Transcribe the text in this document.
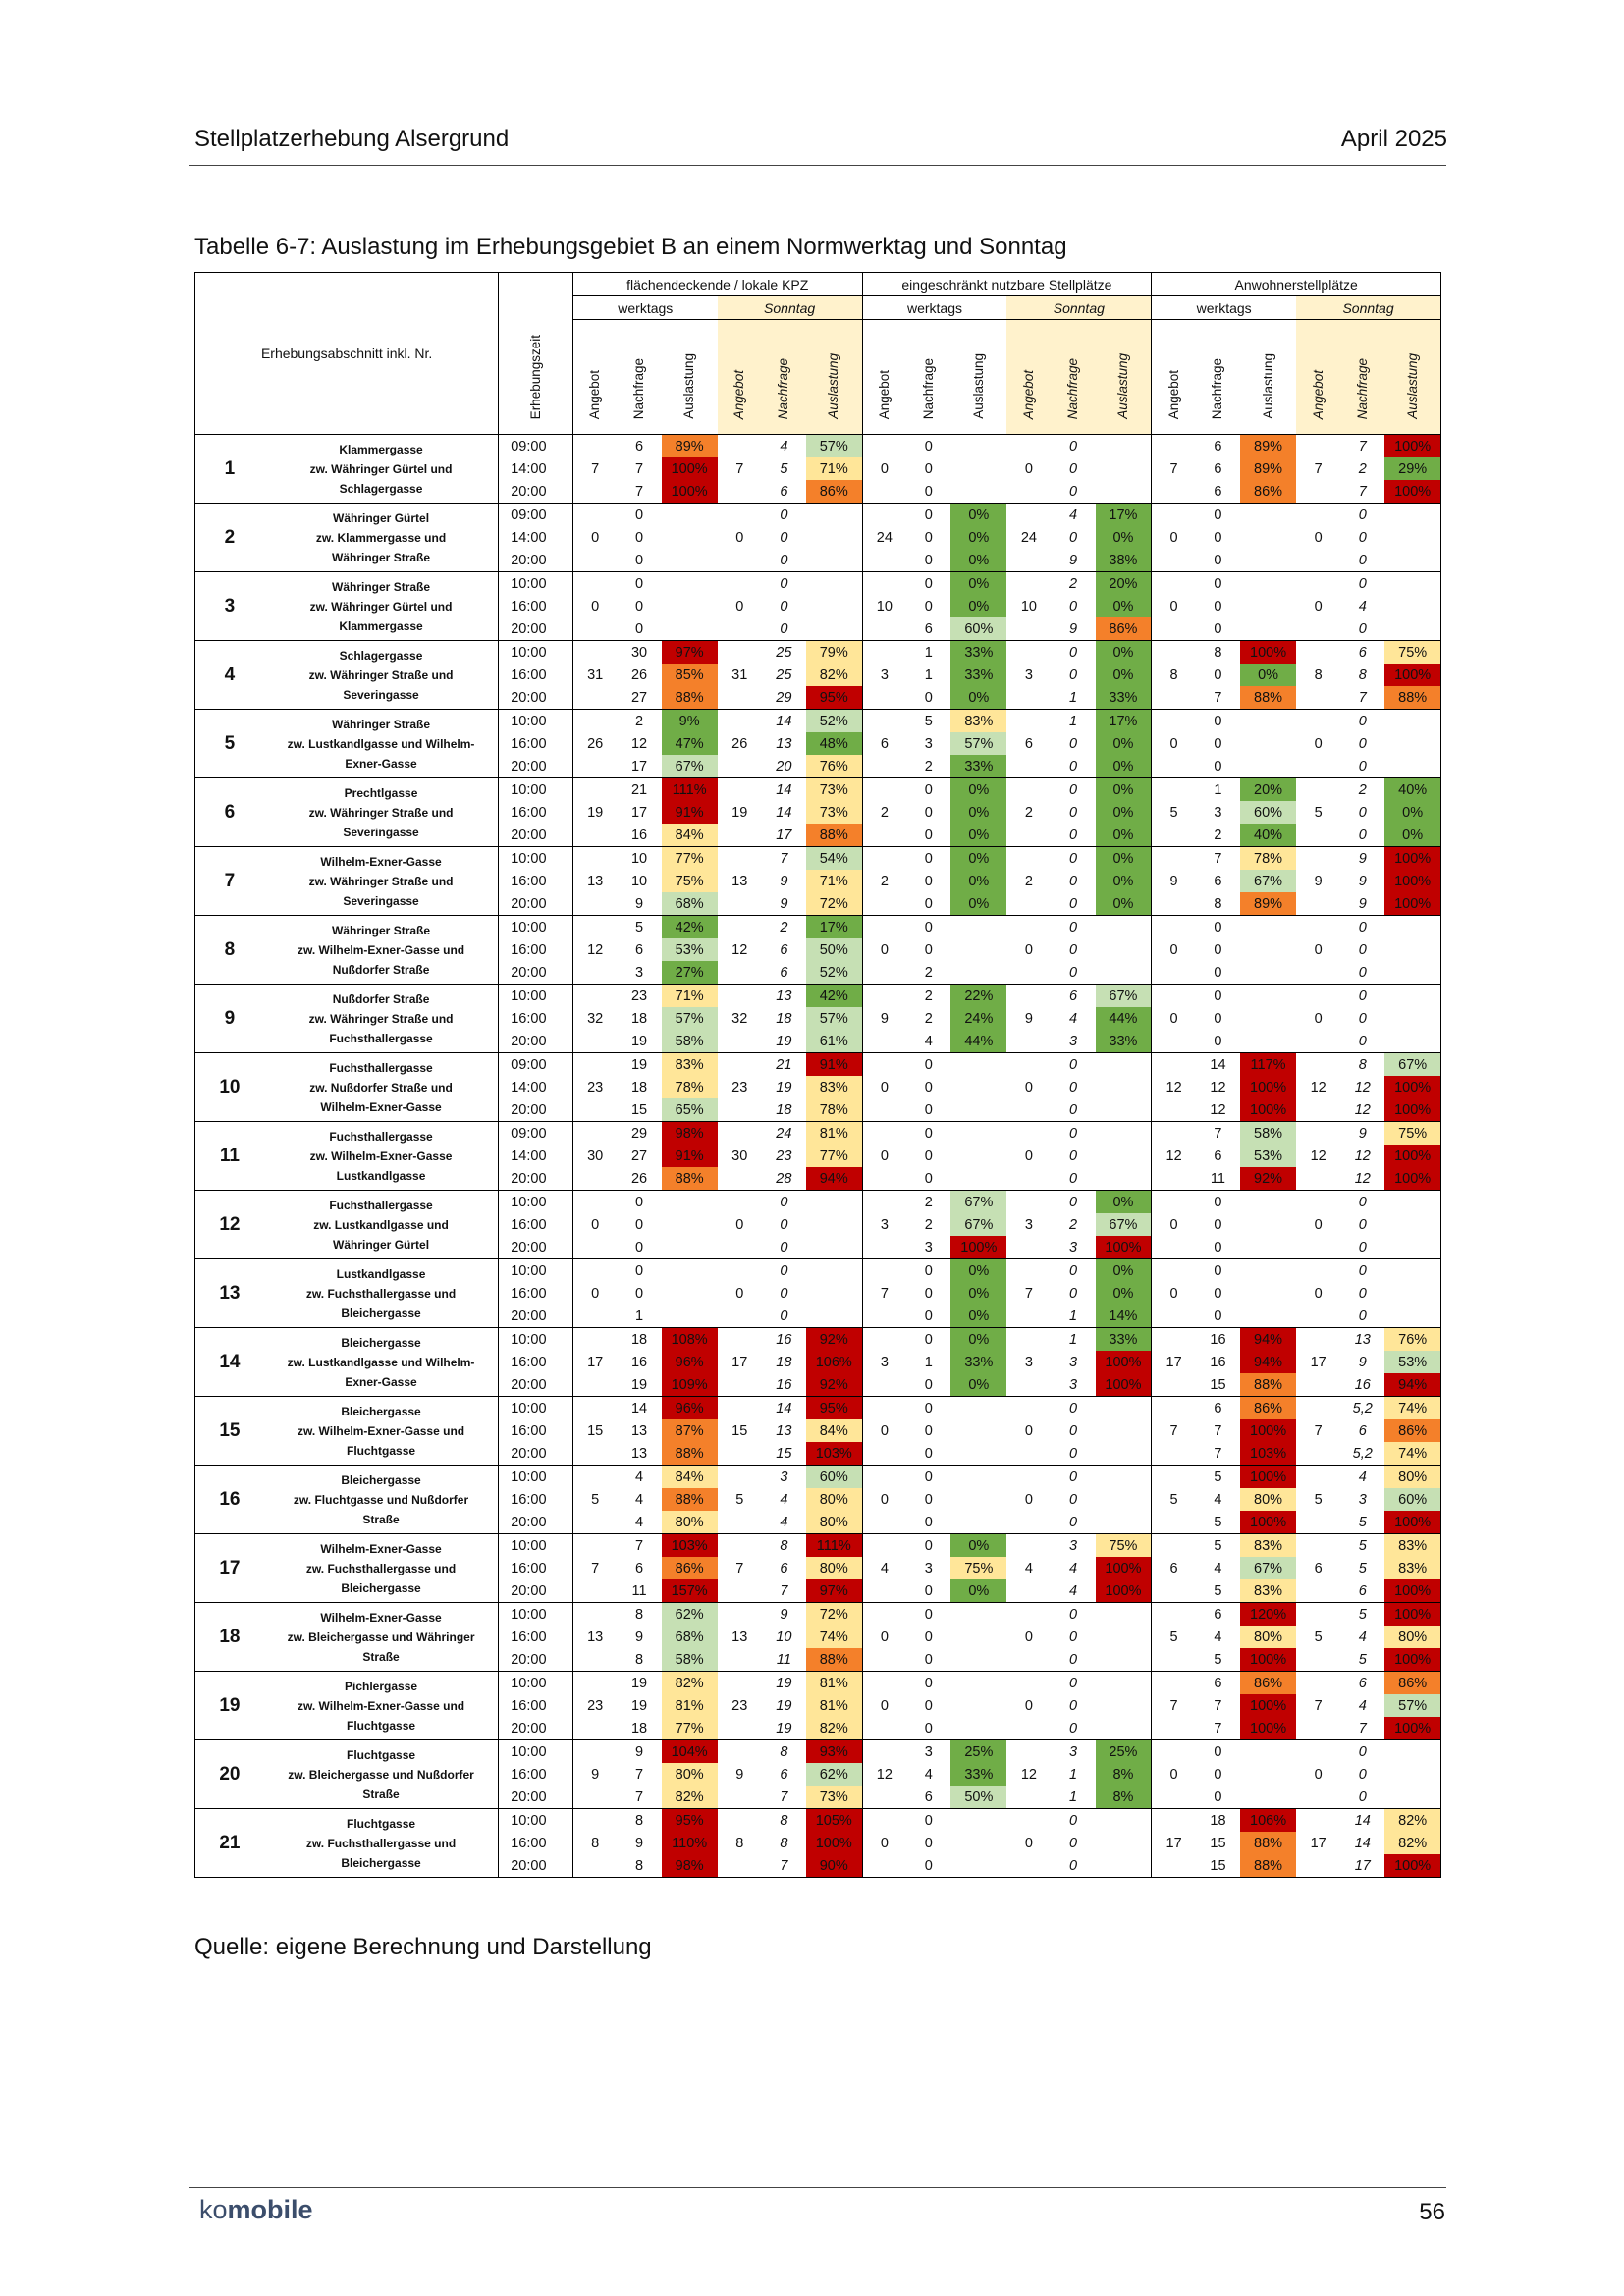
Stellplatzerhebung Alsergrund	April 2025
Tabelle 6-7: Auslastung im Erhebungsgebiet B an einem Normwerktag und Sonntag
Erhebungsabschnitt inkl. Nr.		Erhebungszeit	flächendeckende / lokale KPZ						eingeschränkt nutzbare Stellplätze						Anwohnerstellplätze					
			werktags			Sonntag			werktags			Sonntag			werktags			Sonntag		
			Angebot	Nachfrage	Auslastung	Angebot	Nachfrage	Auslastung	Angebot	Nachfrage	Auslastung	Angebot	Nachfrage	Auslastung	Angebot	Nachfrage	Auslastung	Angebot	Nachfrage	Auslastung
1	Klammergasse
zw. Währinger Gürtel und
Schlagergasse	09:00	7	6	89%	7	4	57%	0	0		0	0		7	6	89%	7	7	100%
		14:00		7	100%		5	71%		0			0			6	89%		2	29%
		20:00		7	100%		6	86%		0			0			6	86%		7	100%
2	Währinger Gürtel
zw. Klammergasse und
Währinger Straße	09:00	0	0		0	0		24	0	0%	24	4	17%	0	0		0	0	
		14:00		0			0			0	0%		0	0%		0			0	
		20:00		0			0			0	0%		9	38%		0			0	
3	Währinger Straße
zw. Währinger Gürtel und
Klammergasse	10:00	0	0		0	0		10	0	0%	10	2	20%	0	0		0	0	
		16:00		0			0			0	0%		0	0%		0			4	
		20:00		0			0			6	60%		9	86%		0			0	
4	Schlagergasse
zw. Währinger Straße und
Severingasse	10:00	31	30	97%	31	25	79%	3	1	33%	3	0	0%	8	8	100%	8	6	75%
		16:00		26	85%		25	82%		1	33%		0	0%		0	0%		8	100%
		20:00		27	88%		29	95%		0	0%		1	33%		7	88%		7	88%
5	Währinger Straße
zw. Lustkandlgasse und Wilhelm-
Exner-Gasse	10:00	26	2	9%	26	14	52%	6	5	83%	6	1	17%	0	0		0	0	
		16:00		12	47%		13	48%		3	57%		0	0%		0			0	
		20:00		17	67%		20	76%		2	33%		0	0%		0			0	
6	Prechtlgasse
zw. Währinger Straße und
Severingasse	10:00	19	21	111%	19	14	73%	2	0	0%	2	0	0%	5	1	20%	5	2	40%
		16:00		17	91%		14	73%		0	0%		0	0%		3	60%		0	0%
		20:00		16	84%		17	88%		0	0%		0	0%		2	40%		0	0%
7	Wilhelm-Exner-Gasse
zw. Währinger Straße und
Severingasse	10:00	13	10	77%	13	7	54%	2	0	0%	2	0	0%	9	7	78%	9	9	100%
		16:00		10	75%		9	71%		0	0%		0	0%		6	67%		9	100%
		20:00		9	68%		9	72%		0	0%		0	0%		8	89%		9	100%
8	Währinger Straße
zw. Wilhelm-Exner-Gasse und
Nußdorfer Straße	10:00	12	5	42%	12	2	17%	0	0		0	0		0	0		0	0	
		16:00		6	53%		6	50%		0			0			0			0	
		20:00		3	27%		6	52%		2			0			0			0	
9	Nußdorfer Straße
zw. Währinger Straße und
Fuchsthallergasse	10:00	32	23	71%	32	13	42%	9	2	22%	9	6	67%	0	0		0	0	
		16:00		18	57%		18	57%		2	24%		4	44%		0			0	
		20:00		19	58%		19	61%		4	44%		3	33%		0			0	
10	Fuchsthallergasse
zw. Nußdorfer Straße und
Wilhelm-Exner-Gasse	09:00	23	19	83%	23	21	91%	0	0		0	0		12	14	117%	12	8	67%
		14:00		18	78%		19	83%		0			0			12	100%		12	100%
		20:00		15	65%		18	78%		0			0			12	100%		12	100%
11	Fuchsthallergasse
zw. Wilhelm-Exner-Gasse
Lustkandlgasse	09:00	30	29	98%	30	24	81%	0	0		0	0		12	7	58%	12	9	75%
		14:00		27	91%		23	77%		0			0			6	53%		12	100%
		20:00		26	88%		28	94%		0			0			11	92%		12	100%
12	Fuchsthallergasse
zw. Lustkandlgasse und
Währinger Gürtel	10:00	0	0		0	0		3	2	67%	3	0	0%	0	0		0	0	
		16:00		0			0			2	67%		2	67%		0			0	
		20:00		0			0			3	100%		3	100%		0			0	
13	Lustkandlgasse
zw. Fuchsthallergasse und
Bleichergasse	10:00	0	0		0	0		7	0	0%	7	0	0%	0	0		0	0	
		16:00		0			0			0	0%		0	0%		0			0	
		20:00		1			0			0	0%		1	14%		0			0	
14	Bleichergasse
zw. Lustkandlgasse und Wilhelm-
Exner-Gasse	10:00	17	18	108%	17	16	92%	3	0	0%	3	1	33%	17	16	94%	17	13	76%
		16:00		16	96%		18	106%		1	33%		3	100%		16	94%		9	53%
		20:00		19	109%		16	92%		0	0%		3	100%		15	88%		16	94%
15	Bleichergasse
zw. Wilhelm-Exner-Gasse und
Fluchtgasse	10:00	15	14	96%	15	14	95%	0	0		0	0		7	6	86%	7	5,2	74%
		16:00		13	87%		13	84%		0			0			7	100%		6	86%
		20:00		13	88%		15	103%		0			0			7	103%		5,2	74%
16	Bleichergasse
zw. Fluchtgasse und Nußdorfer
Straße	10:00	5	4	84%	5	3	60%	0	0		0	0		5	5	100%	5	4	80%
		16:00		4	88%		4	80%		0			0			4	80%		3	60%
		20:00		4	80%		4	80%		0			0			5	100%		5	100%
17	Wilhelm-Exner-Gasse
zw. Fuchsthallergasse und
Bleichergasse	10:00	7	7	103%	7	8	111%	4	0	0%	4	3	75%	6	5	83%	6	5	83%
		16:00		6	86%		6	80%		3	75%		4	100%		4	67%		5	83%
		20:00		11	157%		7	97%		0	0%		4	100%		5	83%		6	100%
18	Wilhelm-Exner-Gasse
zw. Bleichergasse und Währinger
Straße	10:00	13	8	62%	13	9	72%	0	0		0	0		5	6	120%	5	5	100%
		16:00		9	68%		10	74%		0			0			4	80%		4	80%
		20:00		8	58%		11	88%		0			0			5	100%		5	100%
19	Pichlergasse
zw. Wilhelm-Exner-Gasse und
Fluchtgasse	10:00	23	19	82%	23	19	81%	0	0		0	0		7	6	86%	7	6	86%
		16:00		19	81%		19	81%		0			0			7	100%		4	57%
		20:00		18	77%		19	82%		0			0			7	100%		7	100%
20	Fluchtgasse
zw. Bleichergasse und Nußdorfer
Straße	10:00	9	9	104%	9	8	93%	12	3	25%	12	3	25%	0	0		0	0	
		16:00		7	80%		6	62%		4	33%		1	8%		0			0	
		20:00		7	82%		7	73%		6	50%		1	8%		0			0	
21	Fluchtgasse
zw. Fuchsthallergasse und
Bleichergasse	10:00	8	8	95%	8	8	105%	0	0		0	0		17	18	106%	17	14	82%
		16:00		9	110%		8	100%		0			0			15	88%		14	82%
		20:00		8	98%		7	90%		0			0			15	88%		17	100%
Quelle: eigene Berechnung und Darstellung
komobile	56
